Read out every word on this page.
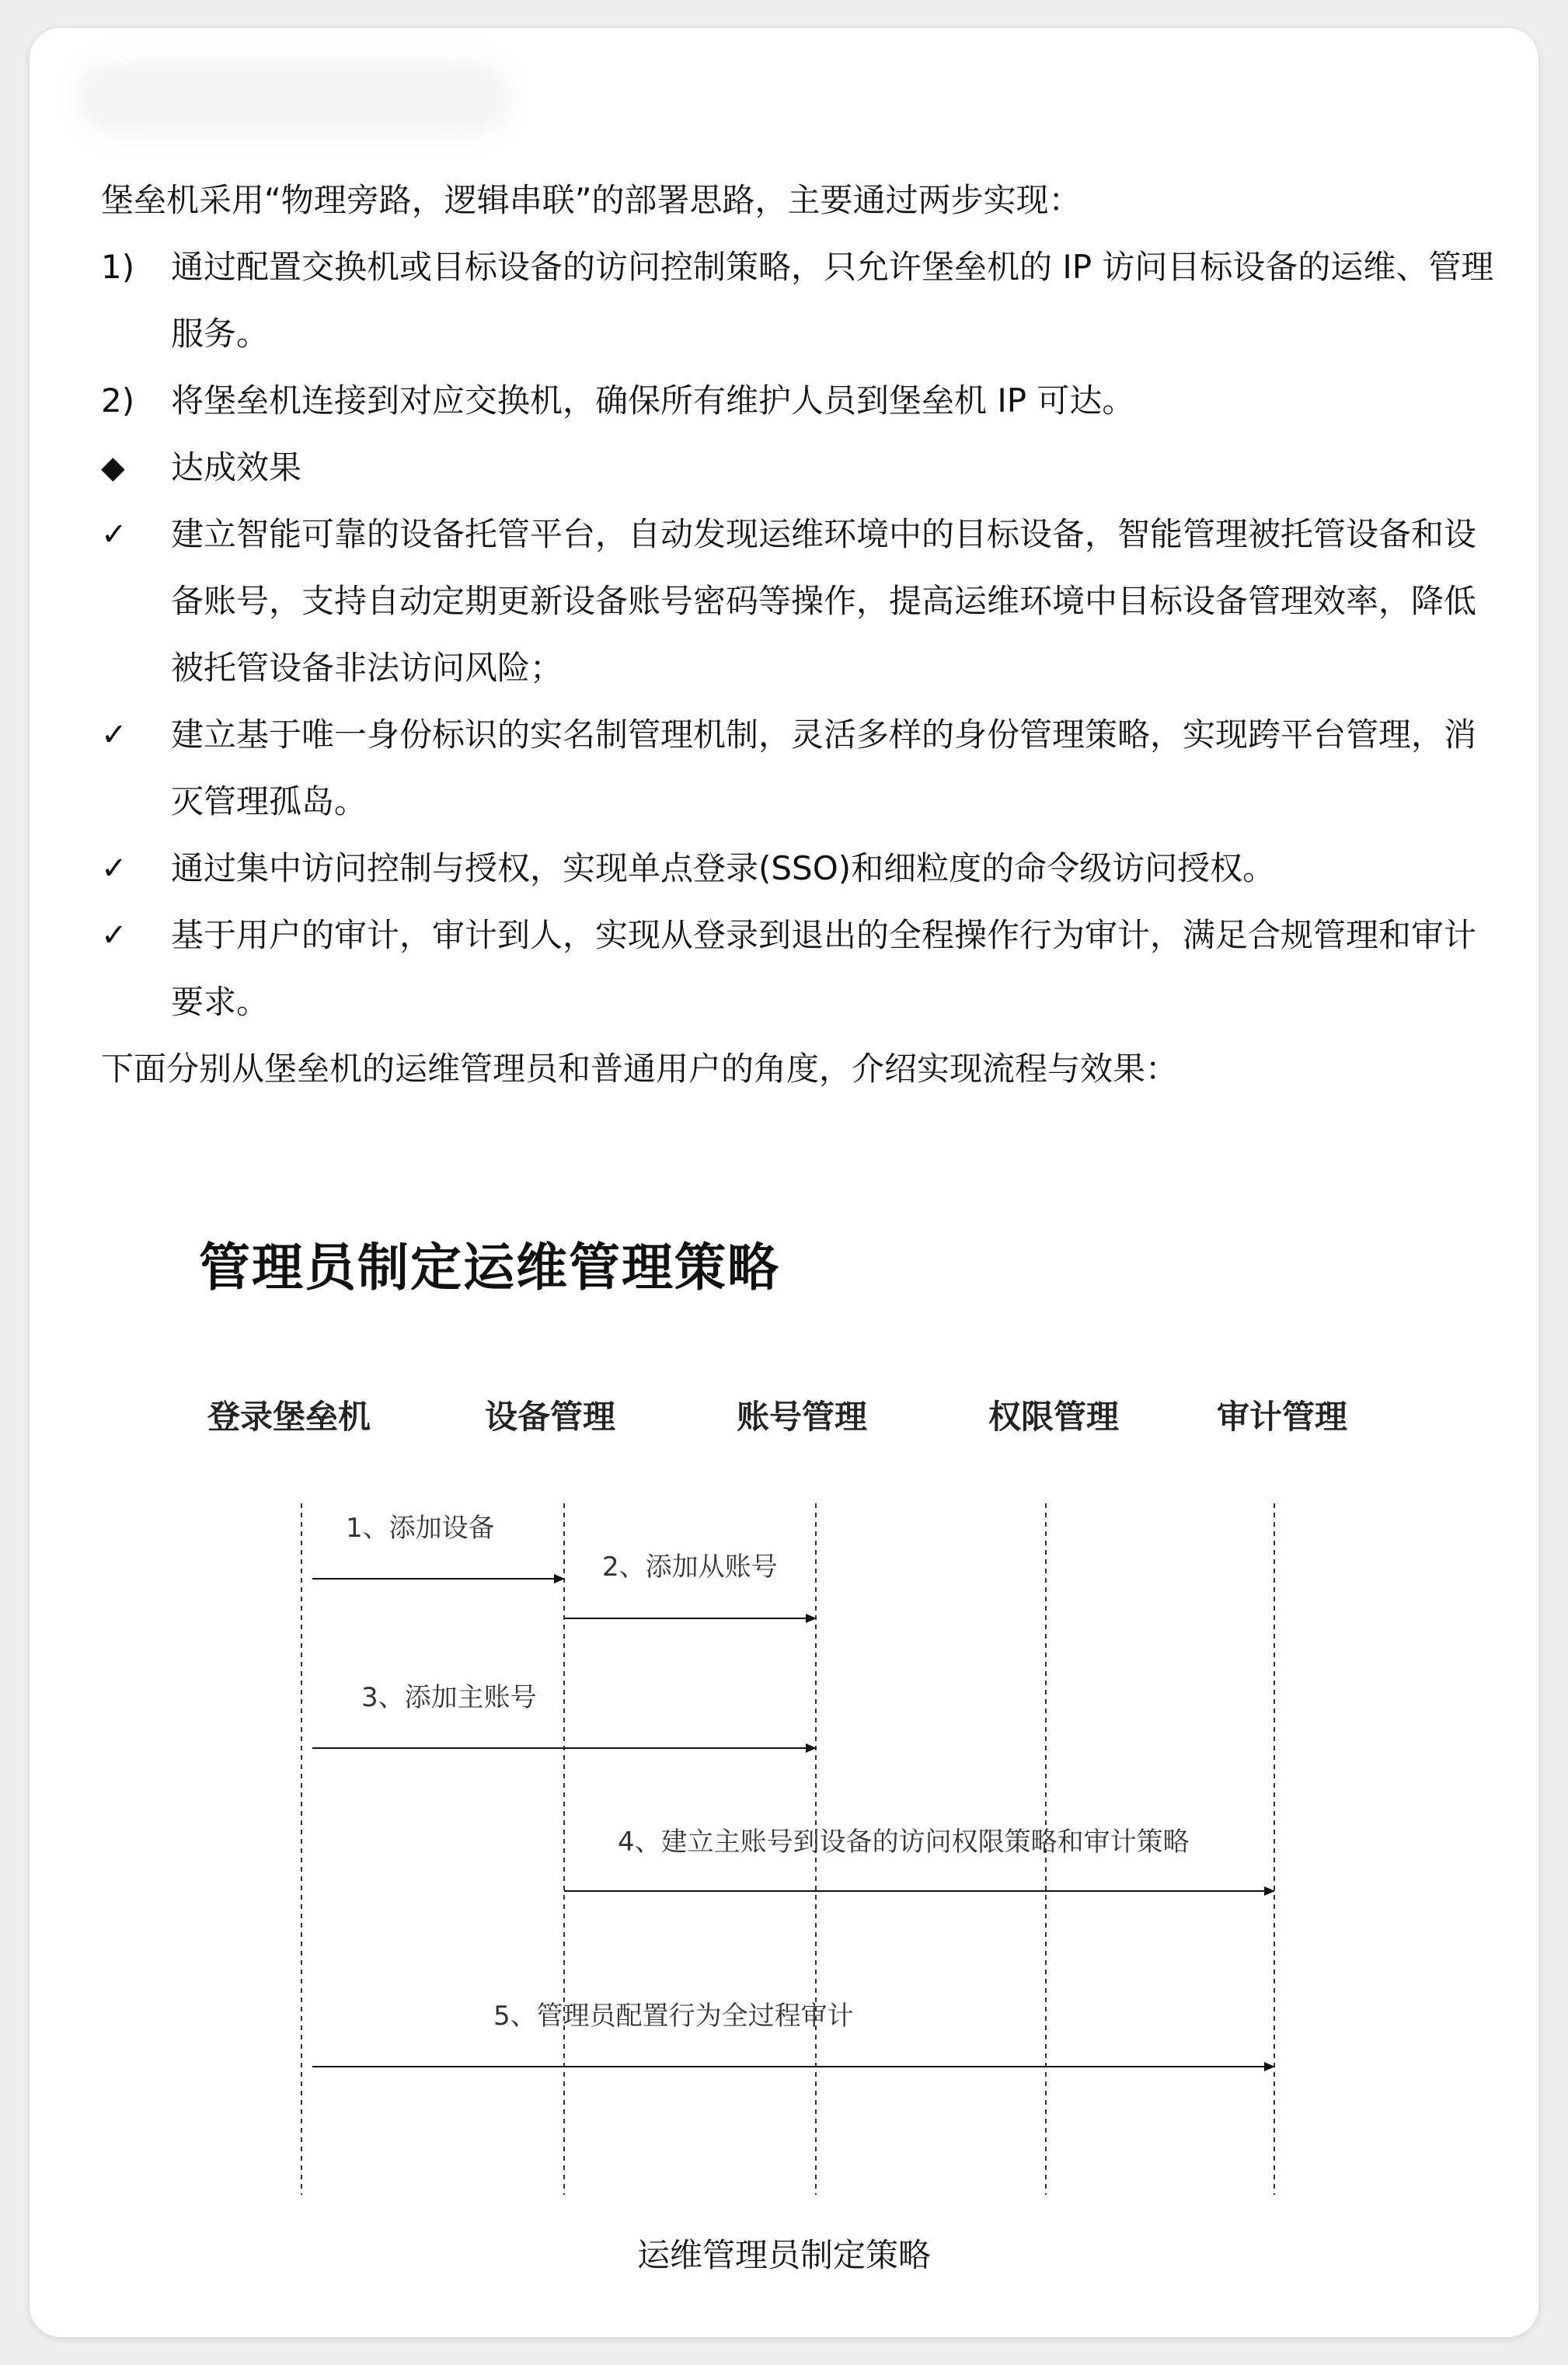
堡垒机采用“物理旁路，逻辑串联”的部署思路，主要通过两步实现：
1) 通过配置交换机或目标设备的访问控制策略，只允许堡垒机的 IP 访问目标设备的运维、管理服务。
2) 将堡垒机连接到对应交换机，确保所有维护人员到堡垒机 IP 可达。
◆ 达成效果
✓ 建立智能可靠的设备托管平台，自动发现运维环境中的目标设备，智能管理被托管设备和设备账号，支持自动定期更新设备账号密码等操作，提高运维环境中目标设备管理效率，降低被托管设备非法访问风险；
✓ 建立基于唯一身份标识的实名制管理机制，灵活多样的身份管理策略，实现跨平台管理，消灭管理孤岛。
✓ 通过集中访问控制与授权，实现单点登录(SSO)和细粒度的命令级访问授权。
✓ 基于用户的审计，审计到人，实现从登录到退出的全程操作行为审计，满足合规管理和审计要求。
下面分别从堡垒机的运维管理员和普通用户的角度，介绍实现流程与效果：
管理员制定运维管理策略
登录堡垒机	设备管理	账号管理	权限管理	审计管理
1、添加设备
2、添加从账号
3、添加主账号
4、建立主账号到设备的访问权限策略和审计策略
5、管理员配置行为全过程审计
运维管理员制定策略
